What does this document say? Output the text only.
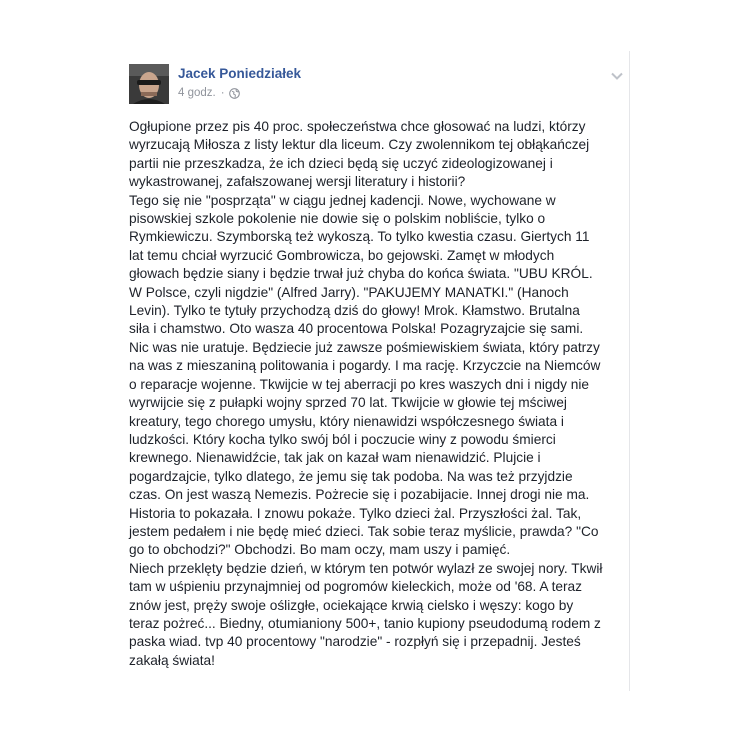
Jacek Poniedziałek
4 godz. ·

Ogłupione przez pis 40 proc. społeczeństwa chce głosować na ludzi, którzy

wyrzucają Miłosza z listy lektur dla liceum. Czy zwolennikom tej obłąkańczej

partii nie przeszkadza, że ich dzieci będą się uczyć zideologizowanej i

wykastrowanej, zafałszowanej wersji literatury i historii?

Tego się nie "posprząta" w ciągu jednej kadencji. Nowe, wychowane w

pisowskiej szkole pokolenie nie dowie się o polskim nobliście, tylko o

Rymkiewiczu. Szymborską też wykoszą. To tylko kwestia czasu. Giertych 11

lat temu chciał wyrzucić Gombrowicza, bo gejowski. Zamęt w młodych

głowach będzie siany i będzie trwał już chyba do końca świata. "UBU KRÓL.

W Polsce, czyli nigdzie" (Alfred Jarry). "PAKUJEMY MANATKI." (Hanoch

Levin). Tylko te tytuły przychodzą dziś do głowy! Mrok. Kłamstwo. Brutalna

siła i chamstwo. Oto wasza 40 procentowa Polska! Pozagryzajcie się sami.

Nic was nie uratuje. Będziecie już zawsze pośmiewiskiem świata, który patrzy

na was z mieszaniną politowania i pogardy. I ma rację. Krzyczcie na Niemców

o reparacje wojenne. Tkwijcie w tej aberracji po kres waszych dni i nigdy nie

wyrwijcie się z pułapki wojny sprzed 70 lat. Tkwijcie w głowie tej mściwej

kreatury, tego chorego umysłu, który nienawidzi współczesnego świata i

ludzkości. Który kocha tylko swój ból i poczucie winy z powodu śmierci

krewnego. Nienawidźcie, tak jak on kazał wam nienawidzić. Plujcie i

pogardzajcie, tylko dlatego, że jemu się tak podoba. Na was też przyjdzie

czas. On jest waszą Nemezis. Pożrecie się i pozabijacie. Innej drogi nie ma.

Historia to pokazała. I znowu pokaże. Tylko dzieci żal. Przyszłości żal. Tak,

jestem pedałem i nie będę mieć dzieci. Tak sobie teraz myślicie, prawda? "Co

go to obchodzi?" Obchodzi. Bo mam oczy, mam uszy i pamięć.

Niech przeklęty będzie dzień, w którym ten potwór wylazł ze swojej nory. Tkwił

tam w uśpieniu przynajmniej od pogromów kieleckich, może od '68. A teraz

znów jest, pręży swoje oślizgłe, ociekające krwią cielsko i węszy: kogo by

teraz pożreć... Biedny, otumianiony 500+, tanio kupiony pseudodumą rodem z

paska wiad. tvp 40 procentowy "narodzie" - rozpłyń się i przepadnij. Jesteś

zakałą świata!
